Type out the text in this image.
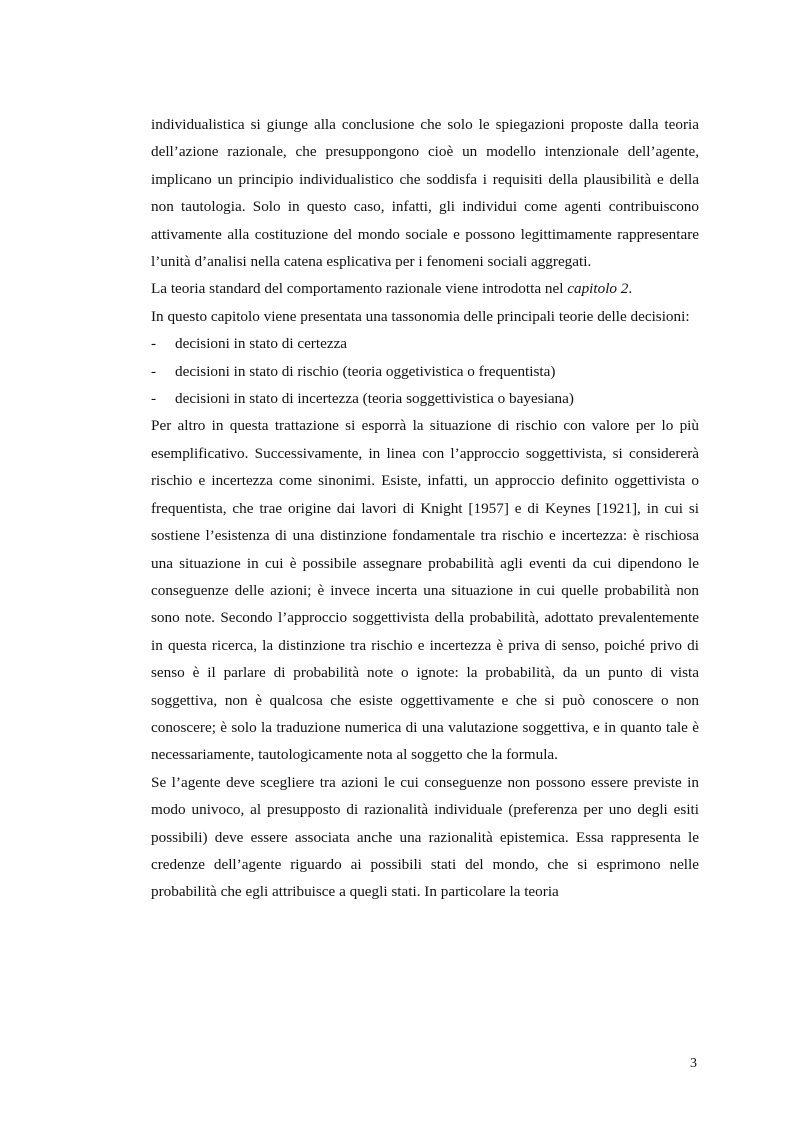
individualistica si giunge alla conclusione che solo le spiegazioni proposte dalla teoria dell’azione razionale, che presuppongono cioè un modello intenzionale dell’agente, implicano un principio individualistico che soddisfa i requisiti della plausibilità e della non tautologia. Solo in questo caso, infatti, gli individui come agenti contribuiscono attivamente alla costituzione del mondo sociale e possono legittimamente rappresentare l’unità d’analisi nella catena esplicativa per i fenomeni sociali aggregati.

La teoria standard del comportamento razionale viene introdotta nel capitolo 2.

In questo capitolo viene presentata una tassonomia delle principali teorie delle decisioni:

- decisioni in stato di certezza
- decisioni in stato di rischio (teoria oggetivistica o frequentista)
- decisioni in stato di incertezza (teoria soggettivistica o bayesiana)

Per altro in questa trattazione si esporrà la situazione di rischio con valore per lo più esemplificativo. Successivamente, in linea con l’approccio soggettivista, si considererà rischio e incertezza come sinonimi. Esiste, infatti, un approccio definito oggettivista o frequentista, che trae origine dai lavori di Knight [1957] e di Keynes [1921], in cui si sostiene l’esistenza di una distinzione fondamentale tra rischio e incertezza: è rischiosa una situazione in cui è possibile assegnare probabilità agli eventi da cui dipendono le conseguenze delle azioni; è invece incerta una situazione in cui quelle probabilità non sono note. Secondo l’approccio soggettivista della probabilità, adottato prevalentemente in questa ricerca, la distinzione tra rischio e incertezza è priva di senso, poiché privo di senso è il parlare di probabilità note o ignote: la probabilità, da un punto di vista soggettiva, non è qualcosa che esiste oggettivamente e che si può conoscere o non conoscere; è solo la traduzione numerica di una valutazione soggettiva, e in quanto tale è necessariamente, tautologicamente nota al soggetto che la formula.

Se l’agente deve scegliere tra azioni le cui conseguenze non possono essere previste in modo univoco, al presupposto di razionalità individuale (preferenza per uno degli esiti possibili) deve essere associata anche una razionalità epistemica. Essa rappresenta le credenze dell’agente riguardo ai possibili stati del mondo, che si esprimono nelle probabilità che egli attribuisce a quegli stati. In particolare la teoria

3
